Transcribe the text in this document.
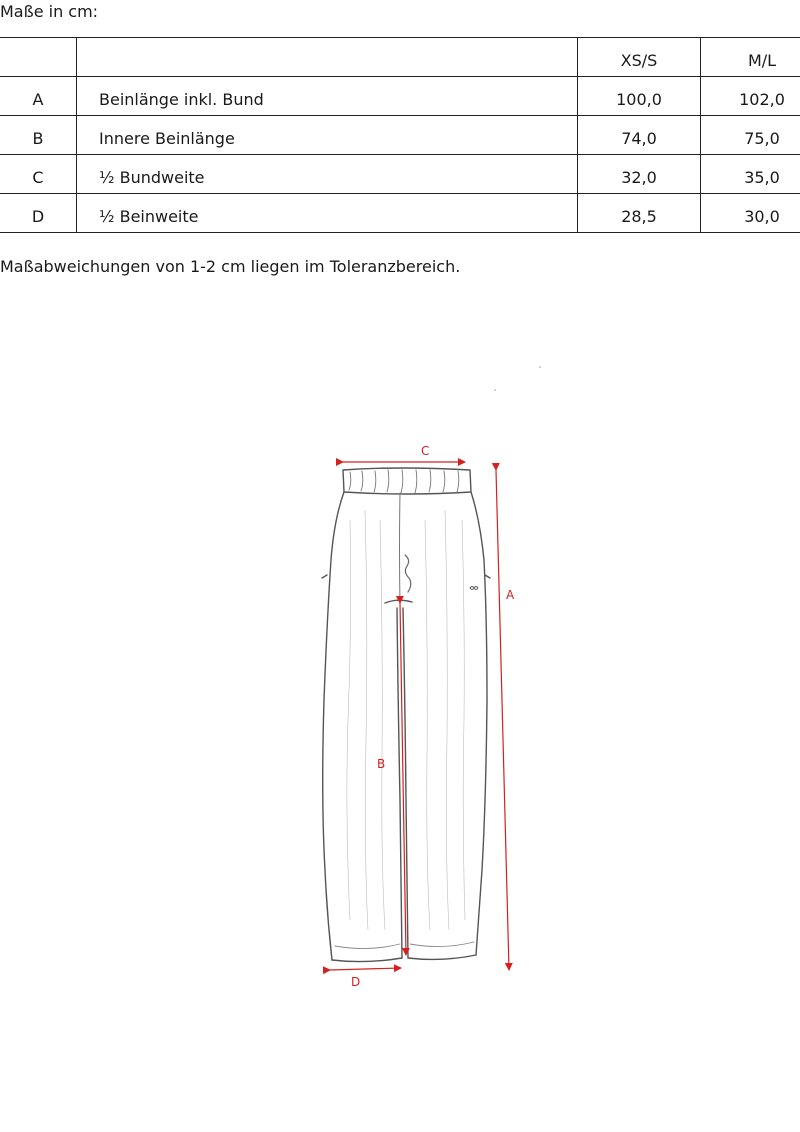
Maße in cm:
		XS/S	M/L
A	Beinlänge inkl. Bund	100,0	102,0
B	Innere Beinlänge	74,0	75,0
C	½ Bundweite	32,0	35,0
D	½ Beinweite	28,5	30,0
Maßabweichungen von 1-2 cm liegen im Toleranzbereich.
C
A
B
D
